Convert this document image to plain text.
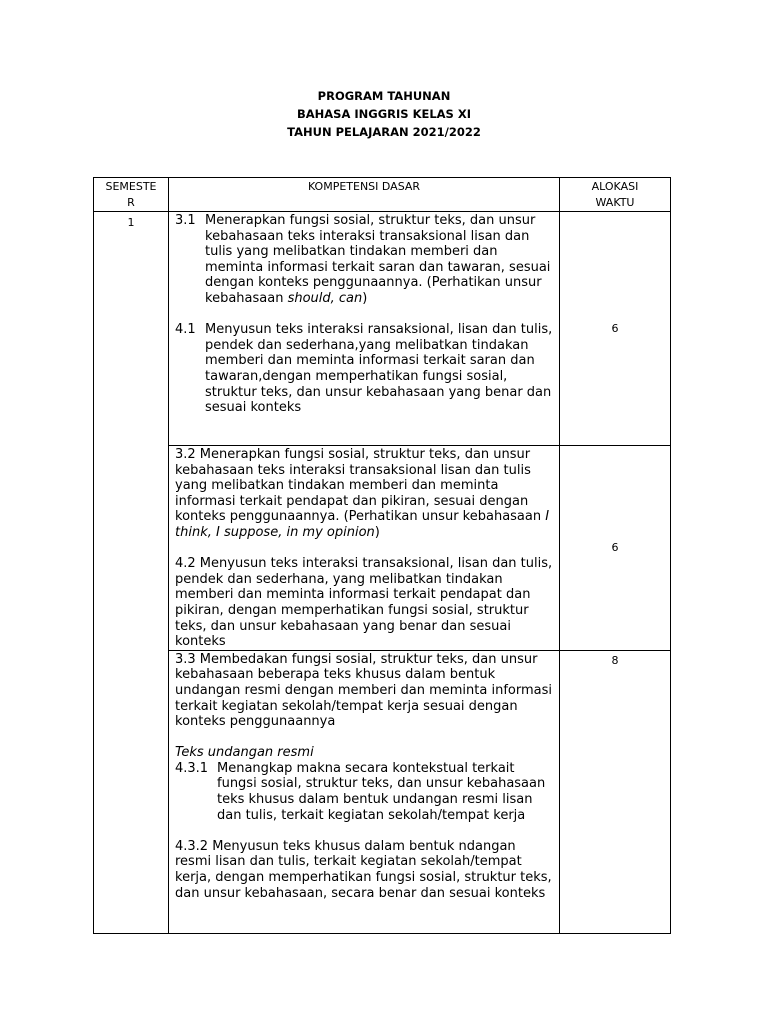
PROGRAM TAHUNAN
BAHASA INGGRIS KELAS XI
TAHUN PELAJARAN 2021/2022
SEMESTE R	KOMPETENSI DASAR	ALOKASI WAKTU
1	3.1 Menerapkan fungsi sosial, struktur teks, dan unsur kebahasaan teks interaksi transaksional lisan dan tulis yang melibatkan tindakan memberi dan meminta informasi terkait saran dan tawaran, sesuai dengan konteks penggunaannya. (Perhatikan unsur kebahasaan should, can)
4.1 Menyusun teks interaksi ransaksional, lisan dan tulis, pendek dan sederhana,yang melibatkan tindakan memberi dan meminta informasi terkait saran dan tawaran,dengan memperhatikan fungsi sosial, struktur teks, dan unsur kebahasaan yang benar dan sesuai konteks	6

	3.2 Menerapkan fungsi sosial, struktur teks, dan unsur kebahasaan teks interaksi transaksional lisan dan tulis yang melibatkan tindakan memberi dan meminta informasi terkait pendapat dan pikiran, sesuai dengan konteks penggunaannya. (Perhatikan unsur kebahasaan I think, I suppose, in my opinion)
4.2 Menyusun teks interaksi transaksional, lisan dan tulis, pendek dan sederhana, yang melibatkan tindakan memberi dan meminta informasi terkait pendapat dan pikiran, dengan memperhatikan fungsi sosial, struktur teks, dan unsur kebahasaan yang benar dan sesuai konteks	6

	3.3 Membedakan fungsi sosial, struktur teks, dan unsur kebahasaan beberapa teks khusus dalam bentuk undangan resmi dengan memberi dan meminta informasi terkait kegiatan sekolah/tempat kerja sesuai dengan konteks penggunaannya
Teks undangan resmi
4.3.1 Menangkap makna secara kontekstual terkait fungsi sosial, struktur teks, dan unsur kebahasaan teks khusus dalam bentuk undangan resmi lisan dan tulis, terkait kegiatan sekolah/tempat kerja
4.3.2 Menyusun teks khusus dalam bentuk ndangan resmi lisan dan tulis, terkait kegiatan sekolah/tempat kerja, dengan memperhatikan fungsi sosial, struktur teks, dan unsur kebahasaan, secara benar dan sesuai konteks	8
